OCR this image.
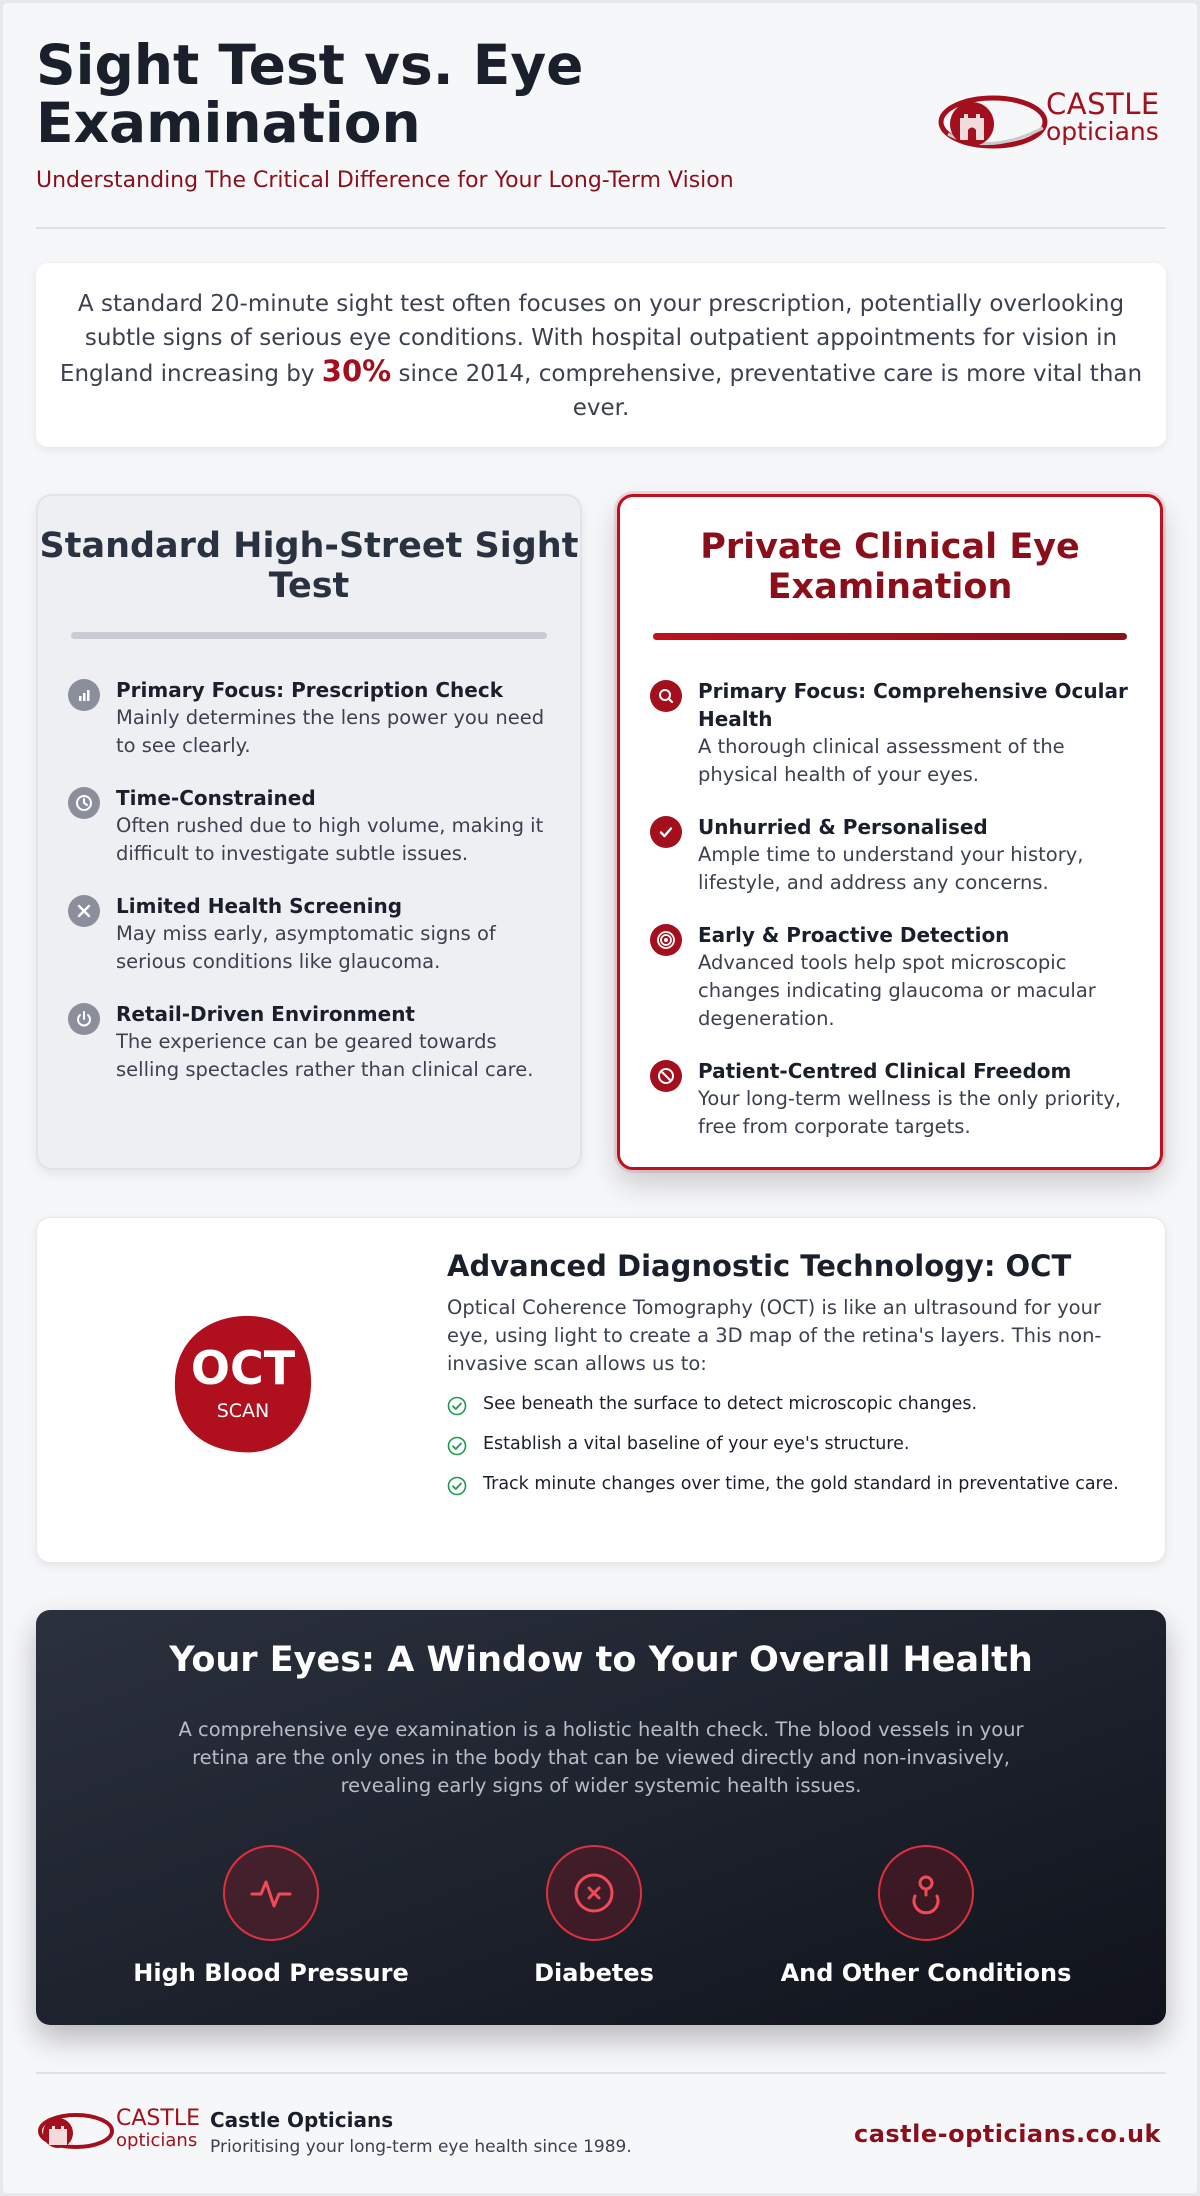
Sight Test vs. Eye Examination
Understanding The Critical Difference for Your Long-Term Vision
CASTLE
opticians
A standard 20-minute sight test often focuses on your prescription, potentially overlooking subtle signs of serious eye conditions. With hospital outpatient appointments for vision in England increasing by 30% since 2014, comprehensive, preventative care is more vital than ever.
Standard High-Street Sight Test
Primary Focus: Prescription Check
Mainly determines the lens power you need to see clearly.
Time-Constrained
Often rushed due to high volume, making it difficult to investigate subtle issues.
Limited Health Screening
May miss early, asymptomatic signs of serious conditions like glaucoma.
Retail-Driven Environment
The experience can be geared towards selling spectacles rather than clinical care.
Private Clinical Eye Examination
Primary Focus: Comprehensive Ocular Health
A thorough clinical assessment of the physical health of your eyes.
Unhurried & Personalised
Ample time to understand your history, lifestyle, and address any concerns.
Early & Proactive Detection
Advanced tools help spot microscopic changes indicating glaucoma or macular degeneration.
Patient-Centred Clinical Freedom
Your long-term wellness is the only priority, free from corporate targets.
OCT
SCAN
Advanced Diagnostic Technology: OCT
Optical Coherence Tomography (OCT) is like an ultrasound for your eye, using light to create a 3D map of the retina's layers. This non-invasive scan allows us to:
See beneath the surface to detect microscopic changes.
Establish a vital baseline of your eye's structure.
Track minute changes over time, the gold standard in preventative care.
Your Eyes: A Window to Your Overall Health
A comprehensive eye examination is a holistic health check. The blood vessels in your retina are the only ones in the body that can be viewed directly and non-invasively, revealing early signs of wider systemic health issues.
High Blood Pressure	Diabetes	And Other Conditions
CASTLE
opticians
Castle Opticians
Prioritising your long-term eye health since 1989.	castle-opticians.co.uk
